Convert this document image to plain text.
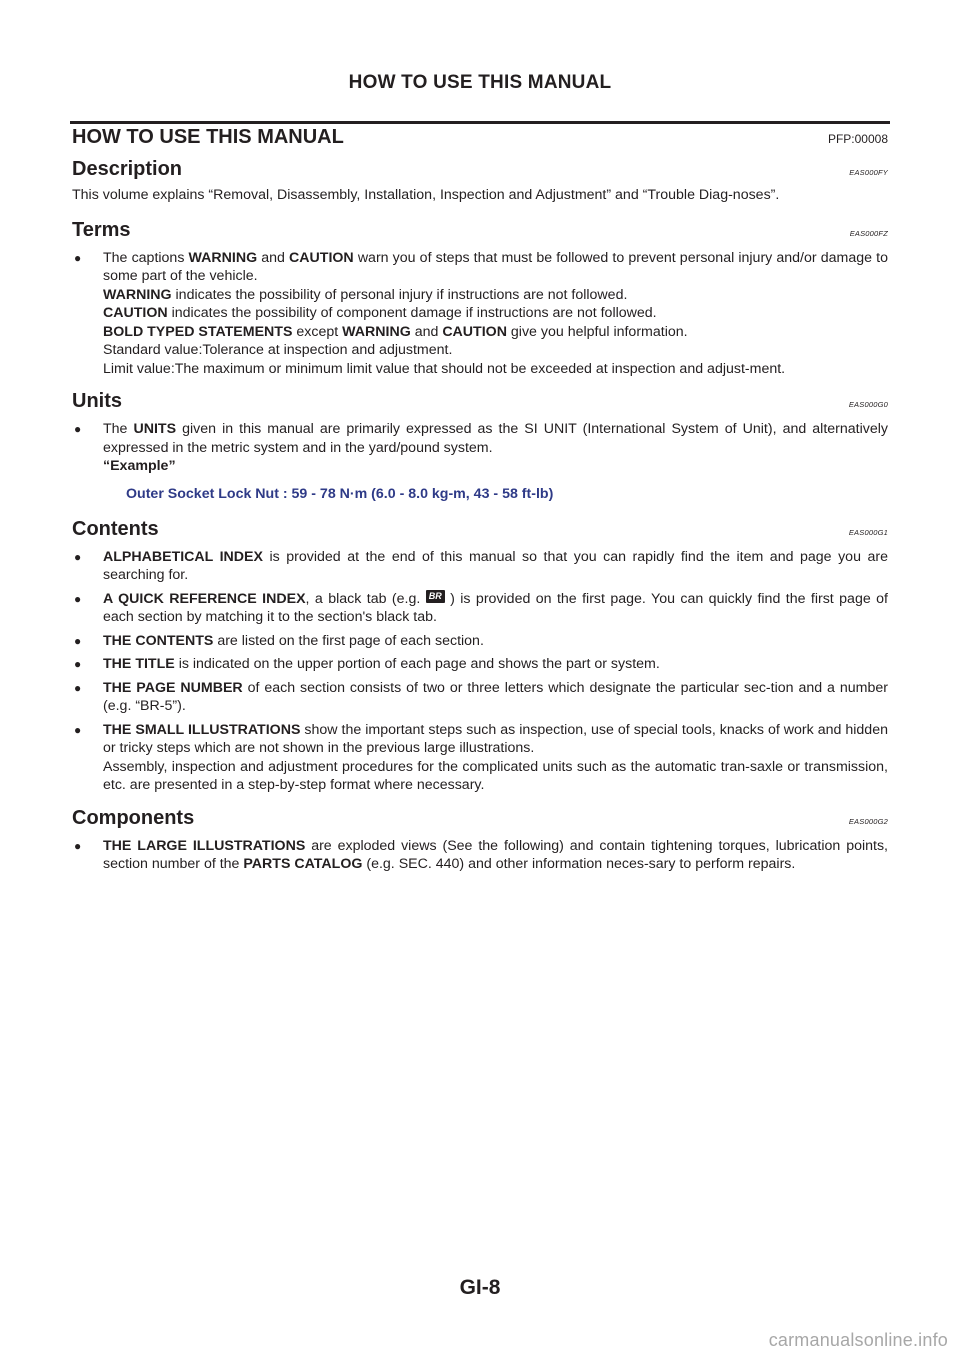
HOW TO USE THIS MANUAL
HOW TO USE THIS MANUAL	PFP:00008
Description	EAS000FY

This volume explains “Removal, Disassembly, Installation, Inspection and Adjustment” and “Trouble Diag-noses”.

Terms	EAS000FZ
● The captions WARNING and CAUTION warn you of steps that must be followed to prevent personal injury and/or damage to some part of the vehicle.
WARNING indicates the possibility of personal injury if instructions are not followed.
CAUTION indicates the possibility of component damage if instructions are not followed.
BOLD TYPED STATEMENTS except WARNING and CAUTION give you helpful information.
Standard value:Tolerance at inspection and adjustment.
Limit value:The maximum or minimum limit value that should not be exceeded at inspection and adjust-ment.
Units	EAS000G0
● The UNITS given in this manual are primarily expressed as the SI UNIT (International System of Unit), and alternatively expressed in the metric system and in the yard/pound system.
“Example”
Outer Socket Lock Nut : 59 - 78 N·m (6.0 - 8.0 kg-m, 43 - 58 ft-lb)
Contents	EAS000G1
● ALPHABETICAL INDEX is provided at the end of this manual so that you can rapidly find the item and page you are searching for.
● A QUICK REFERENCE INDEX, a black tab (e.g. BR ) is provided on the first page. You can quickly find the first page of each section by matching it to the section's black tab.
● THE CONTENTS are listed on the first page of each section.
● THE TITLE is indicated on the upper portion of each page and shows the part or system.
● THE PAGE NUMBER of each section consists of two or three letters which designate the particular sec-tion and a number (e.g. “BR-5”).
● THE SMALL ILLUSTRATIONS show the important steps such as inspection, use of special tools, knacks of work and hidden or tricky steps which are not shown in the previous large illustrations.
Assembly, inspection and adjustment procedures for the complicated units such as the automatic tran-saxle or transmission, etc. are presented in a step-by-step format where necessary.
Components	EAS000G2
● THE LARGE ILLUSTRATIONS are exploded views (See the following) and contain tightening torques, lubrication points, section number of the PARTS CATALOG (e.g. SEC. 440) and other information neces-sary to perform repairs.
GI-8
carmanualsonline.info
